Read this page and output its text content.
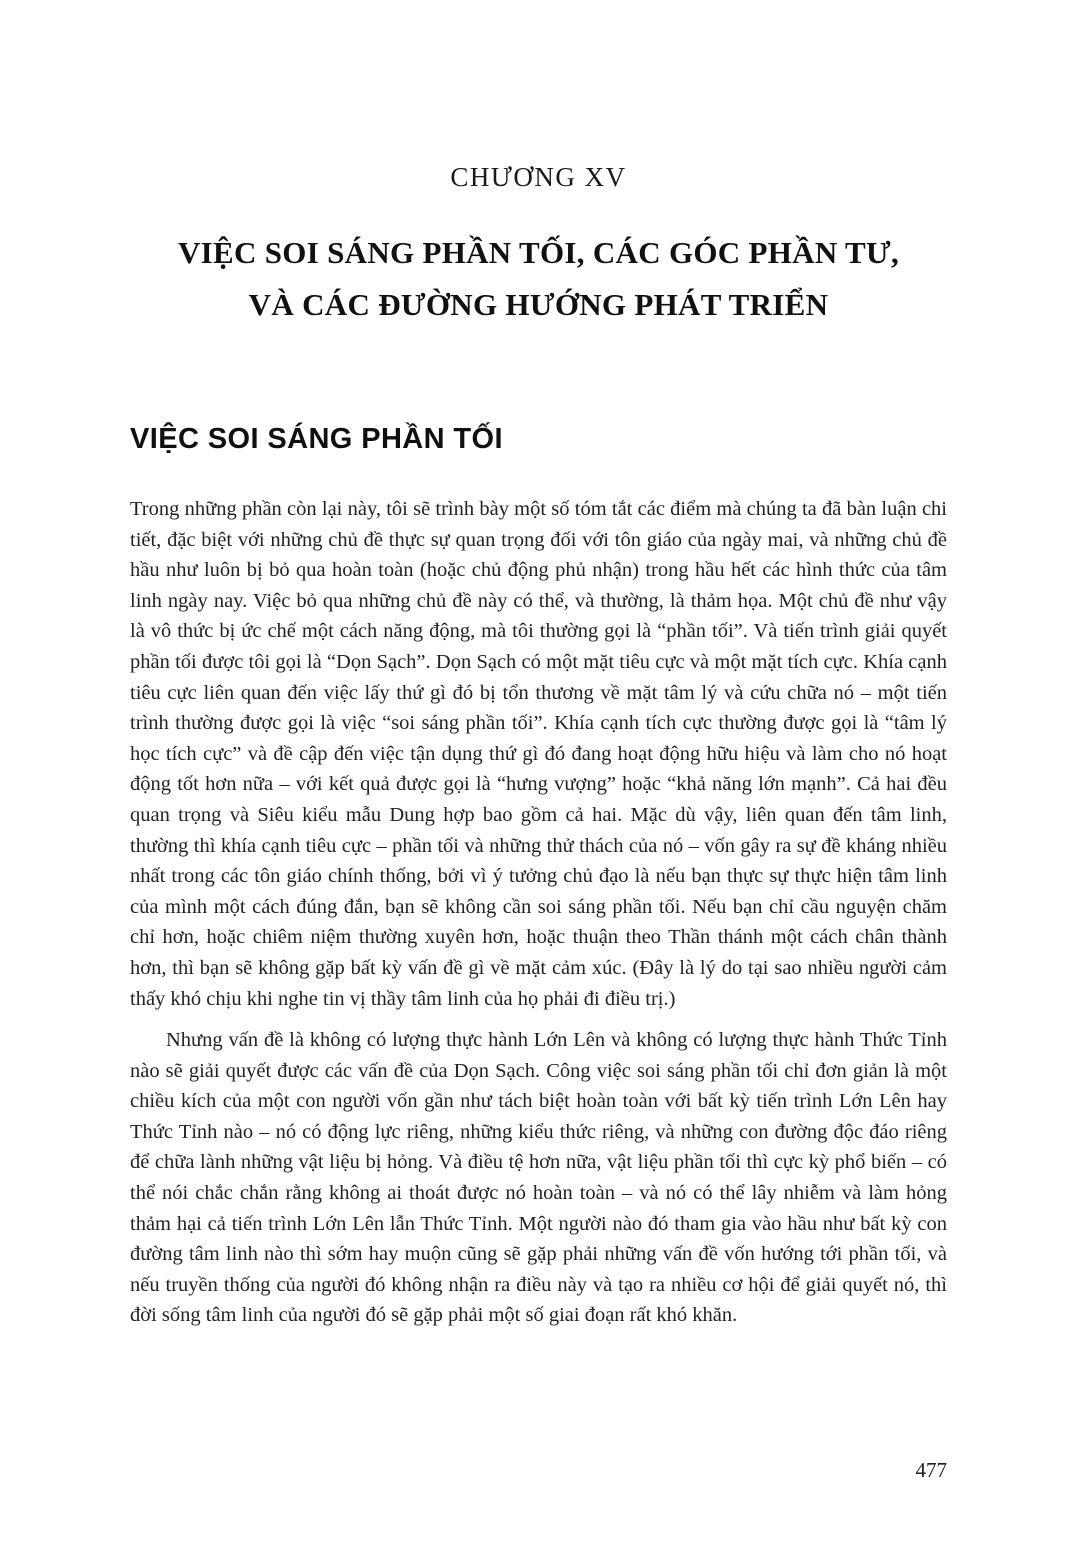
CHƯƠNG XV
VIỆC SOI SÁNG PHẦN TỐI, CÁC GÓC PHẦN TƯ,
VÀ CÁC ĐƯỜNG HƯỚNG PHÁT TRIỂN
VIỆC SOI SÁNG PHẦN TỐI

Trong những phần còn lại này, tôi sẽ trình bày một số tóm tắt các điểm mà chúng ta đã bàn luận chi tiết, đặc biệt với những chủ đề thực sự quan trọng đối với tôn giáo của ngày mai, và những chủ đề hầu như luôn bị bỏ qua hoàn toàn (hoặc chủ động phủ nhận) trong hầu hết các hình thức của tâm linh ngày nay. Việc bỏ qua những chủ đề này có thể, và thường, là thảm họa. Một chủ đề như vậy là vô thức bị ức chế một cách năng động, mà tôi thường gọi là “phần tối”. Và tiến trình giải quyết phần tối được tôi gọi là “Dọn Sạch”. Dọn Sạch có một mặt tiêu cực và một mặt tích cực. Khía cạnh tiêu cực liên quan đến việc lấy thứ gì đó bị tổn thương về mặt tâm lý và cứu chữa nó – một tiến trình thường được gọi là việc “soi sáng phần tối”. Khía cạnh tích cực thường được gọi là “tâm lý học tích cực” và đề cập đến việc tận dụng thứ gì đó đang hoạt động hữu hiệu và làm cho nó hoạt động tốt hơn nữa – với kết quả được gọi là “hưng vượng” hoặc “khả năng lớn mạnh”. Cả hai đều quan trọng và Siêu kiểu mẫu Dung hợp bao gồm cả hai. Mặc dù vậy, liên quan đến tâm linh, thường thì khía cạnh tiêu cực – phần tối và những thử thách của nó – vốn gây ra sự đề kháng nhiều nhất trong các tôn giáo chính thống, bởi vì ý tưởng chủ đạo là nếu bạn thực sự thực hiện tâm linh của mình một cách đúng đắn, bạn sẽ không cần soi sáng phần tối. Nếu bạn chỉ cầu nguyện chăm chỉ hơn, hoặc chiêm niệm thường xuyên hơn, hoặc thuận theo Thần thánh một cách chân thành hơn, thì bạn sẽ không gặp bất kỳ vấn đề gì về mặt cảm xúc. (Đây là lý do tại sao nhiều người cảm thấy khó chịu khi nghe tin vị thầy tâm linh của họ phải đi điều trị.)

Nhưng vấn đề là không có lượng thực hành Lớn Lên và không có lượng thực hành Thức Tỉnh nào sẽ giải quyết được các vấn đề của Dọn Sạch. Công việc soi sáng phần tối chỉ đơn giản là một chiều kích của một con người vốn gần như tách biệt hoàn toàn với bất kỳ tiến trình Lớn Lên hay Thức Tỉnh nào – nó có động lực riêng, những kiểu thức riêng, và những con đường độc đáo riêng để chữa lành những vật liệu bị hỏng. Và điều tệ hơn nữa, vật liệu phần tối thì cực kỳ phổ biến – có thể nói chắc chắn rằng không ai thoát được nó hoàn toàn – và nó có thể lây nhiễm và làm hỏng thảm hại cả tiến trình Lớn Lên lẫn Thức Tỉnh. Một người nào đó tham gia vào hầu như bất kỳ con đường tâm linh nào thì sớm hay muộn cũng sẽ gặp phải những vấn đề vốn hướng tới phần tối, và nếu truyền thống của người đó không nhận ra điều này và tạo ra nhiều cơ hội để giải quyết nó, thì đời sống tâm linh của người đó sẽ gặp phải một số giai đoạn rất khó khăn.

477
